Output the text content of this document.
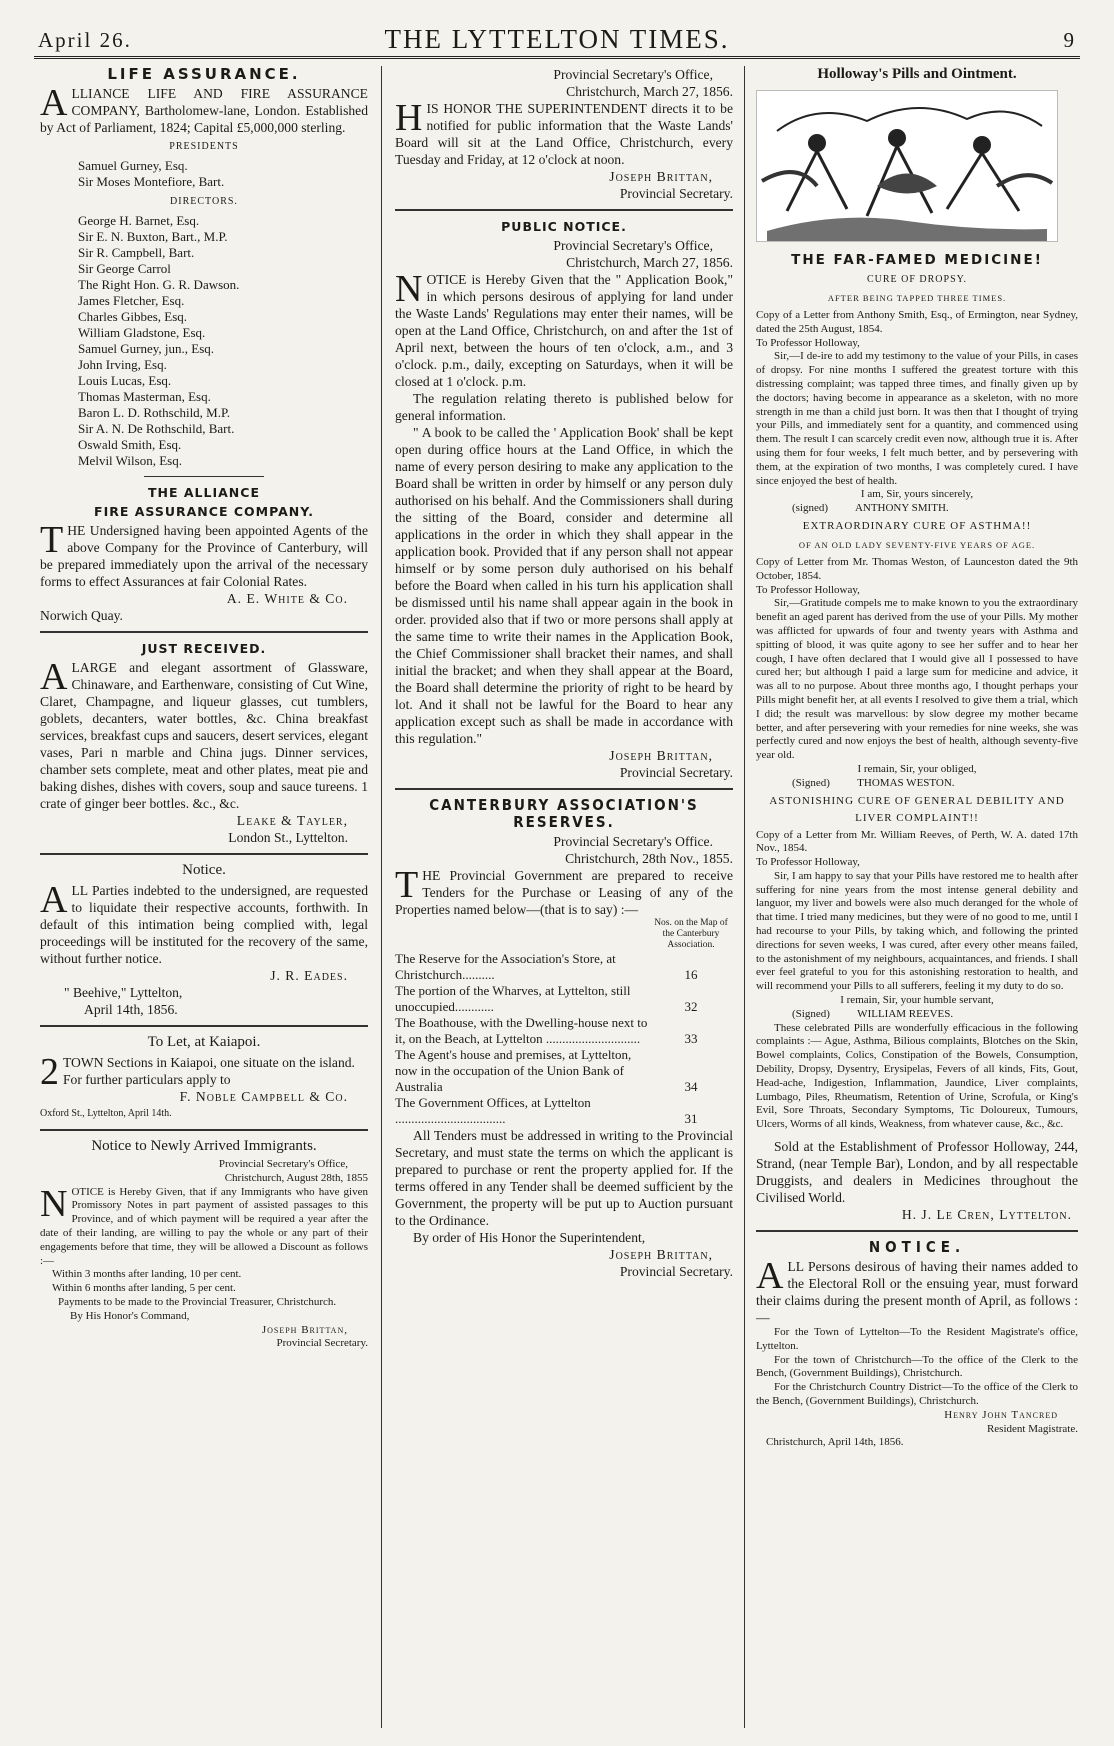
April 26.	THE LYTTELTON TIMES.	9
LIFE ASSURANCE.

ALLIANCE LIFE AND FIRE ASSURANCE COMPANY, Bartholomew-lane, London. Established by Act of Parliament, 1824; Capital £5,000,000 sterling.

PRESIDENTS
Samuel Gurney, Esq.
Sir Moses Montefiore, Bart.
DIRECTORS.
George H. Barnet, Esq.
Sir E. N. Buxton, Bart., M.P.
Sir R. Campbell, Bart.
Sir George Carrol
The Right Hon. G. R. Dawson.
James Fletcher, Esq.
Charles Gibbes, Esq.
William Gladstone, Esq.
Samuel Gurney, jun., Esq.
John Irving, Esq.
Louis Lucas, Esq.
Thomas Masterman, Esq.
Baron L. D. Rothschild, M.P.
Sir A. N. De Rothschild, Bart.
Oswald Smith, Esq.
Melvil Wilson, Esq.
THE ALLIANCE
FIRE ASSURANCE COMPANY.

THE Undersigned having been appointed Agents of the above Company for the Province of Canterbury, will be prepared immediately upon the arrival of the necessary forms to effect Assurances at fair Colonial Rates.

A. E. White & Co.
Norwich Quay.
JUST RECEIVED.

ALARGE and elegant assortment of Glassware, Chinaware, and Earthenware, consisting of Cut Wine, Claret, Champagne, and liqueur glasses, cut tumblers, goblets, decanters, water bottles, &c. China breakfast services, breakfast cups and saucers, desert services, elegant vases, Pari n marble and China jugs. Dinner services, chamber sets complete, meat and other plates, meat pie and baking dishes, dishes with covers, soup and sauce tureens. 1 crate of ginger beer bottles. &c., &c.

Leake & Tayler,
London St., Lyttelton.
Notice.

ALL Parties indebted to the undersigned, are requested to liquidate their respective accounts, forthwith. In default of this intimation being complied with, legal proceedings will be instituted for the recovery of the same, without further notice.

J. R. Eades.
" Beehive," Lyttelton,
April 14th, 1856.
To Let, at Kaiapoi.

2TOWN Sections in Kaiapoi, one situate on the island.

For further particulars apply to
F. Noble Campbell & Co.
Oxford St., Lyttelton, April 14th.
Notice to Newly Arrived Immigrants.
Provincial Secretary's Office,
Christchurch, August 28th, 1855

NOTICE is Hereby Given, that if any Immigrants who have given Promissory Notes in part payment of assisted passages to this Province, and of which payment will be required a year after the date of their landing, are willing to pay the whole or any part of their engagements before that time, they will be allowed a Discount as follows :—

Within 3 months after landing, 10 per cent.
Within 6 months after landing, 5 per cent.

Payments to be made to the Provincial Treasurer, Christchurch.

By His Honor's Command,
Joseph Brittan,
Provincial Secretary.
Provincial Secretary's Office,
Christchurch, March 27, 1856.

HIS HONOR THE SUPERINTENDENT directs it to be notified for public information that the Waste Lands' Board will sit at the Land Office, Christchurch, every Tuesday and Friday, at 12 o'clock at noon.

Joseph Brittan,
Provincial Secretary.
PUBLIC NOTICE.
Provincial Secretary's Office,
Christchurch, March 27, 1856.

NOTICE is Hereby Given that the " Application Book," in which persons desirous of applying for land under the Waste Lands' Regulations may enter their names, will be open at the Land Office, Christchurch, on and after the 1st of April next, between the hours of ten o'clock, a.m., and 3 o'clock. p.m., daily, excepting on Saturdays, when it will be closed at 1 o'clock. p.m.

The regulation relating thereto is published below for general information.

" A book to be called the ' Application Book' shall be kept open during office hours at the Land Office, in which the name of every person desiring to make any application to the Board shall be written in order by himself or any person duly authorised on his behalf. And the Commissioners shall during the sitting of the Board, consider and determine all applications in the order in which they shall appear in the application book. Provided that if any person shall not appear himself or by some person duly authorised on his behalf before the Board when called in his turn his application shall be dismissed until his name shall appear again in the book in order. provided also that if two or more persons shall apply at the same time to write their names in the Application Book, the Chief Commissioner shall bracket their names, and shall initial the bracket; and when they shall appear at the Board, the Board shall determine the priority of right to be heard by lot. And it shall not be lawful for the Board to hear any application except such as shall be made in accordance with this regulation."

Joseph Brittan,
Provincial Secretary.
CANTERBURY ASSOCIATION'S RESERVES.
Provincial Secretary's Office.
Christchurch, 28th Nov., 1855.

THE Provincial Government are prepared to receive Tenders for the Purchase or Leasing of any of the Properties named below—(that is to say) :—

	Nos. on the Map of the Canterbury Association.
The Reserve for the Association's Store, at Christchurch..........	16
The portion of the Wharves, at Lyttelton, still unoccupied............	32
The Boathouse, with the Dwelling-house next to it, on the Beach, at Lyttelton .............................	33
The Agent's house and premises, at Lyttelton, now in the occupation of the Union Bank of Australia	34
The Government Offices, at Lyttelton ..................................	31

All Tenders must be addressed in writing to the Provincial Secretary, and must state the terms on which the applicant is prepared to purchase or rent the property applied for. If the terms offered in any Tender shall be deemed sufficient by the Government, the property will be put up to Auction pursuant to the Ordinance.

By order of His Honor the Superintendent,

Joseph Brittan,
Provincial Secretary.
Holloway's Pills and Ointment.
THE FAR-FAMED MEDICINE!
CURE OF DROPSY.
AFTER BEING TAPPED THREE TIMES.

Copy of a Letter from Anthony Smith, Esq., of Ermington, near Sydney, dated the 25th August, 1854.

To Professor Holloway,

Sir,—I de-ire to add my testimony to the value of your Pills, in cases of dropsy. For nine months I suffered the greatest torture with this distressing complaint; was tapped three times, and finally given up by the doctors; having become in appearance as a skeleton, with no more strength in me than a child just born. It was then that I thought of trying your Pills, and immediately sent for a quantity, and commenced using them. The result I can scarcely credit even now, although true it is. After using them for four weeks, I felt much better, and by persevering with them, at the expiration of two months, I was completely cured. I have since enjoyed the best of health.

I am, Sir, yours sincerely,
(signed)          ANTHONY SMITH.
EXTRAORDINARY CURE OF ASTHMA!!
OF AN OLD LADY SEVENTY-FIVE YEARS OF AGE.

Copy of Letter from Mr. Thomas Weston, of Launceston dated the 9th October, 1854.

To Professor Holloway,

Sir,—Gratitude compels me to make known to you the extraordinary benefit an aged parent has derived from the use of your Pills. My mother was afflicted for upwards of four and twenty years with Asthma and spitting of blood, it was quite agony to see her suffer and to hear her cough, I have often declared that I would give all I possessed to have cured her; but although I paid a large sum for medicine and advice, it was all to no purpose. About three months ago, I thought perhaps your Pills might benefit her, at all events I resolved to give them a trial, which I did; the result was marvellous: by slow degree my mother became better, and after persevering with your remedies for nine weeks, she was perfectly cured and now enjoys the best of health, although seventy-five year old.

I remain, Sir, your obliged,
(Signed)          THOMAS WESTON.
ASTONISHING CURE OF GENERAL DEBILITY AND LIVER COMPLAINT!!

Copy of a Letter from Mr. William Reeves, of Perth, W. A. dated 17th Nov., 1854.

To Professor Holloway,

Sir, I am happy to say that your Pills have restored me to health after suffering for nine years from the most intense general debility and languor, my liver and bowels were also much deranged for the whole of that time. I tried many medicines, but they were of no good to me, until I had recourse to your Pills, by taking which, and following the printed directions for seven weeks, I was cured, after every other means failed, to the astonishment of my neighbours, acquaintances, and friends. I shall ever feel grateful to you for this astonishing restoration to health, and will recommend your Pills to all sufferers, feeling it my duty to do so.

I remain, Sir, your humble servant,
(Signed)          WILLIAM REEVES.

These celebrated Pills are wonderfully efficacious in the following complaints :— Ague, Asthma, Bilious complaints, Blotches on the Skin, Bowel complaints, Colics, Constipation of the Bowels, Consumption, Debility, Dropsy, Dysentry, Erysipelas, Fevers of all kinds, Fits, Gout, Head-ache, Indigestion, Inflammation, Jaundice, Liver complaints, Lumbago, Piles, Rheumatism, Retention of Urine, Scrofula, or King's Evil, Sore Throats, Secondary Symptoms, Tic Doloureux, Tumours, Ulcers, Worms of all kinds, Weakness, from whatever cause, &c., &c.

Sold at the Establishment of Professor Holloway, 244, Strand, (near Temple Bar), London, and by all respectable Druggists, and dealers in Medicines throughout the Civilised World.

H. J. Le Cren, Lyttelton.
NOTICE.

ALL Persons desirous of having their names added to the Electoral Roll or the ensuing year, must forward their claims during the present month of April, as follows :—

For the Town of Lyttelton—To the Resident Magistrate's office, Lyttelton.

For the town of Christchurch—To the office of the Clerk to the Bench, (Government Buildings), Christchurch.

For the Christchurch Country District—To the office of the Clerk to the Bench, (Government Buildings), Christchurch.

Henry John Tancred
Resident Magistrate.
Christchurch, April 14th, 1856.
